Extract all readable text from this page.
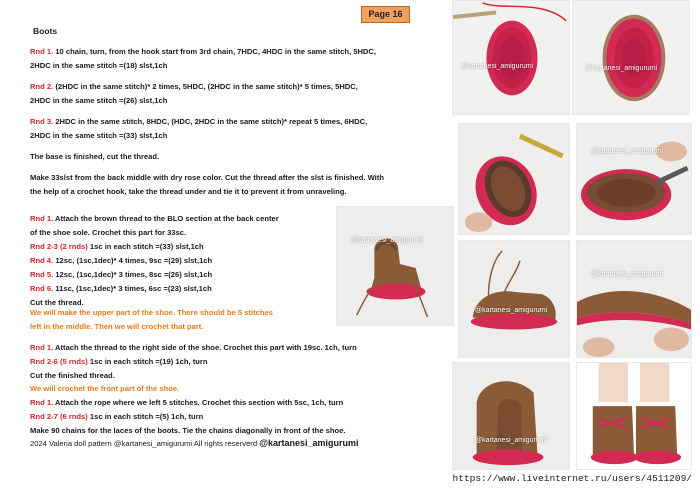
Page 16
Boots
Rnd 1. 10 chain, turn, from the hook start from 3rd chain, 7HDC, 4HDC in the same stitch, 5HDC,
2HDC in the same stitch =(18) slst,1ch
Rnd 2. (2HDC in the same stitch)* 2 times, 5HDC, (2HDC in the same stitch)* 5 times, 5HDC,
2HDC in the same stitch =(26) slst,1ch
Rnd 3. 2HDC in the same stitch, 8HDC, (HDC, 2HDC in the same stitch)* repeat 5 times, 6HDC,
2HDC in the same stitch =(33) slst,1ch
The base is finished, cut the thread.
Make 33slst from the back middle with dry rose color. Cut the thread after the slst is finished. With
the help of a crochet hook, take the thread under and tie it to prevent it from unraveling.
Rnd 1. Attach the brown thread to the BLO section at the back center
of the shoe sole. Crochet this part for 33sc.
Rnd 2-3 (2 rnds) 1sc in each stitch =(33) slst,1ch
Rnd 4. 12sc, (1sc,1dec)* 4 times, 9sc =(29) slst,1ch
Rnd 5. 12sc, (1sc,1dec)* 3 times, 8sc =(26) slst,1ch
Rnd 6. 11sc, (1sc,1dec)* 3 times, 6sc =(23) slst,1ch
Cut the thread.
We will make the upper part of the shoe. There should be 5 stitches
left in the middle. Then we will crochet that part.
Rnd 1. Attach the thread to the right side of the shoe. Crochet this part with 19sc. 1ch, turn
Rnd 2-6 (5 rnds) 1sc in each stitch =(19) 1ch, turn
Cut the finished thread.
We will crochet the front part of the shoe.
Rnd 1. Attach the rope where we left 5 stitches. Crochet this section with 5sc, 1ch, turn
Rnd 2-7 (6 rnds) 1sc in each stitch =(5) 1ch, turn
Make 90 chains for the laces of the boots. Tie the chains diagonally in front of the shoe.
2024 Valeria doll pattern @kartanesi_amigurumi All rights reserverd @kartanesi_amigurumi
@kartanesi_amigurumi	@kartanesi_amigurumi
@kartanesi_amigurumi
@kartanesi_amigurumi
@kartanesi_amigurumi
@kartanesi_amigurumi
@kartanesi_amigurumi
https://www.liveinternet.ru/users/4511209/
